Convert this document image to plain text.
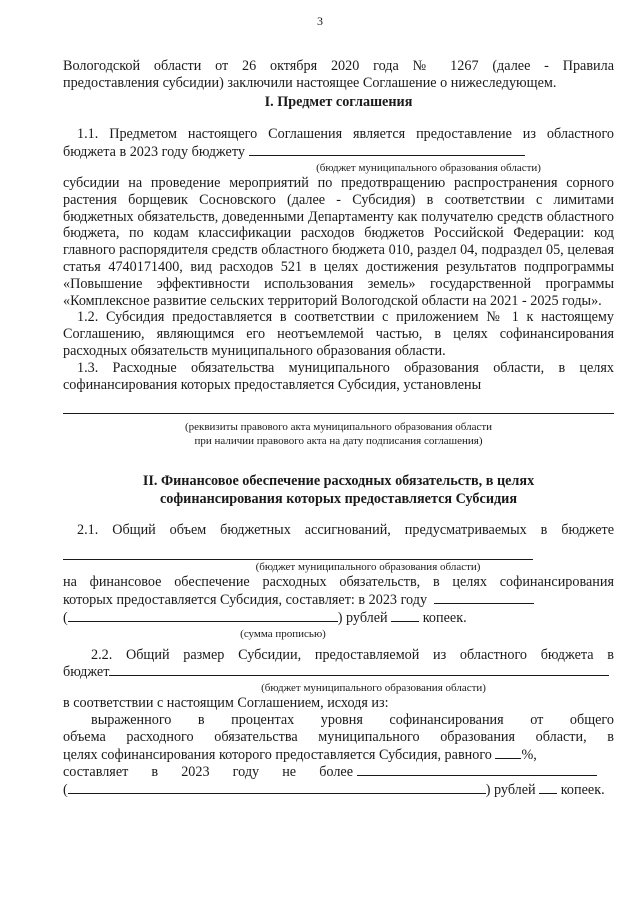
3

Вологодской области от 26 октября 2020 года № 1267 (далее - Правила

предоставления субсидии) заключили настоящее Соглашение о нижеследующем.

I. Предмет соглашения

1.1. Предметом настоящего Соглашения является предоставление из областного

бюджета в 2023 году бюджету

(бюджет муниципального образования области)

субсидии на проведение мероприятий по предотвращению распространения сорного растения борщевик Сосновского (далее - Субсидия) в соответствии с лимитами бюджетных обязательств, доведенными Департаменту как получателю средств областного бюджета, по кодам классификации расходов бюджетов Российской Федерации: код главного распорядителя средств областного бюджета 010, раздел 04, подраздел 05, целевая статья 4740171400, вид расходов 521 в целях достижения результатов подпрограммы «Повышение эффективности использования земель» государственной программы «Комплексное развитие сельских территорий Вологодской области на 2021 - 2025 годы».

1.2. Субсидия предоставляется в соответствии с приложением № 1 к настоящему Соглашению, являющимся его неотъемлемой частью, в целях софинансирования расходных обязательств муниципального образования области.

1.3. Расходные обязательства муниципального образования области, в целях

софинансирования которых предоставляется Субсидия, установлены

(реквизиты правового акта муниципального образования области
при наличии правового акта на дату подписания соглашения)
II. Финансовое обеспечение расходных обязательств, в целях
софинансирования которых предоставляется Субсидия

2.1. Общий объем бюджетных ассигнований, предусматриваемых в бюджете

(бюджет муниципального образования области)

на финансовое обеспечение расходных обязательств, в целях софинансирования

которых предоставляется Субсидия, составляет: в 2023 году

(	) рублей копеек.

(сумма прописью)

2.2. Общий размер Субсидии, предоставляемой из областного бюджета в

бюджет

(бюджет муниципального образования области)

в соответствии с настоящим Соглашением, исходя из:

выраженного в процентах уровня софинансирования от общего

объема расходного обязательства муниципального образования области, в

целях софинансирования которого предоставляется Субсидия, равного %,

составляет в 2023 году не более

(	) рублей копеек.
